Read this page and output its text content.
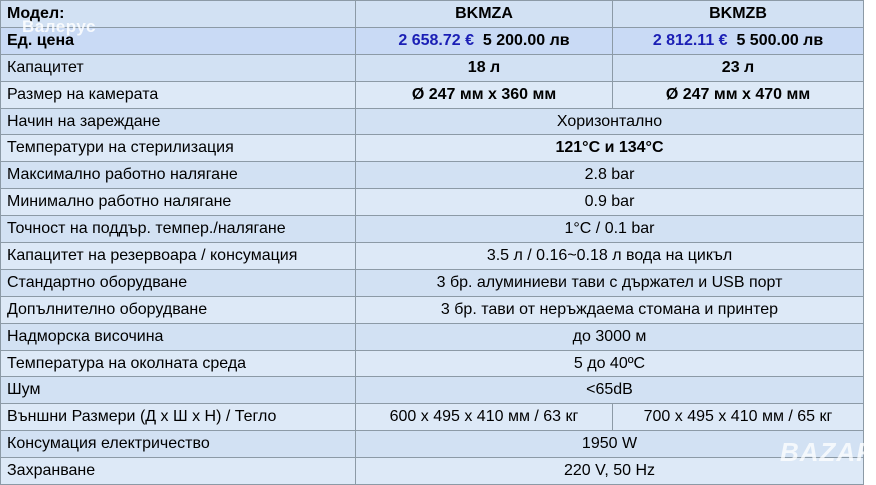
Модел:	BKMZA	BKMZB
Ед. цена	2 658.72 € 5 200.00 лв	2 812.11 € 5 500.00 лв
Капацитет	18 л	23 л
Размер на камерата	Ø 247 мм x 360 мм	Ø 247 мм x 470 мм
Начин на зареждане	Хоризонтално	
Температури на стерилизация	121°C и 134°C	
Максимално работно налягане	2.8 bar	
Минимално работно налягане	0.9 bar	
Точност на поддър. темпер./налягане	1°C / 0.1 bar	
Капацитет на резервоара / консумация	3.5 л / 0.16~0.18 л вода на цикъл	
Стандартно оборудване	3 бр. алуминиеви тави с държател и USB порт	
Допълнително оборудване	3 бр. тави от неръждаема стомана и принтер	
Надморска височина	до 3000 м	
Температура на околната среда	5 до 40ºC	
Шум	<65dB	
Външни Размери (Д х Ш х Н) / Тегло	600 x 495 x 410 мм / 63 кг	700 x 495 x 410 мм / 65 кг
Консумация електричество	1950 W	
Захранване	220 V, 50 Hz	
Валерус
BAZAR
